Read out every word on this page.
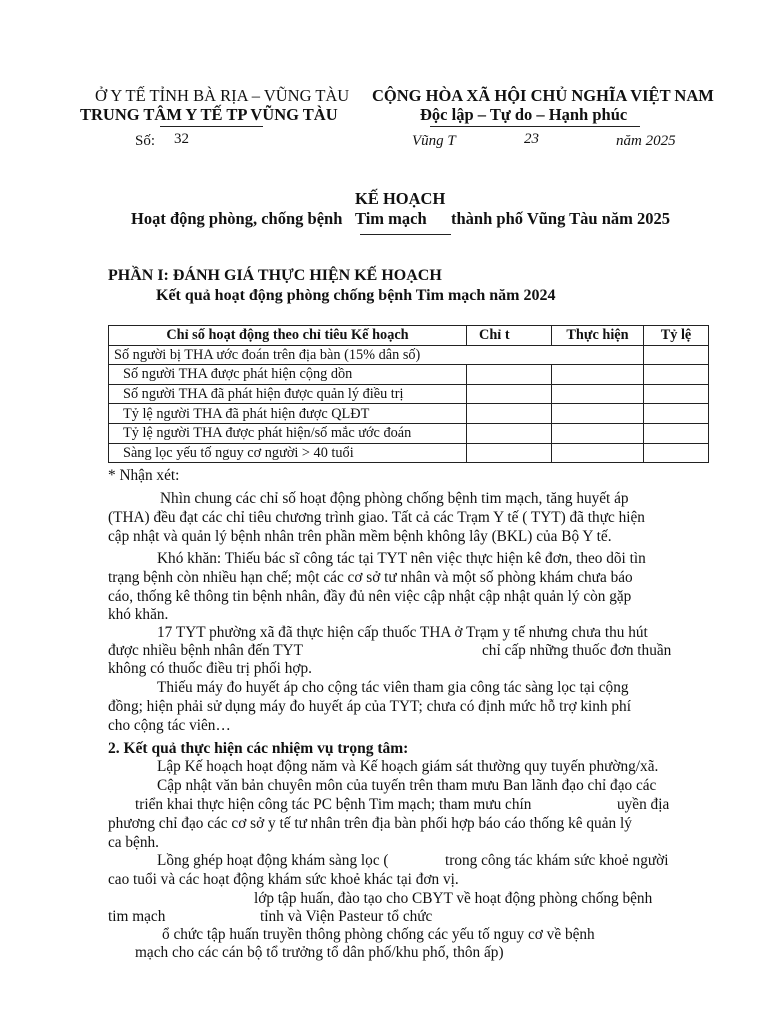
Ở Y TẾ TỈNH BÀ RỊA – VŨNG TÀU
TRUNG TÂM Y TẾ TP VŨNG TÀU
Số: 32
CỘNG HÒA XÃ HỘI CHỦ NGHĨA VIỆT NAM
Độc lập – Tự do – Hạnh phúc
Vũng T	23	năm 2025
KẾ HOẠCH
Hoạt động phòng, chống bệnh Tim mạch thành phố Vũng Tàu năm 2025
PHẦN I: ĐÁNH GIÁ THỰC HIỆN KẾ HOẠCH
Kết quả hoạt động phòng chống bệnh Tim mạch năm 2024
Chỉ số hoạt động theo chỉ tiêu Kế hoạch	Chỉ t	Thực hiện	Tỷ lệ
Số người bị THA ước đoán trên địa bàn (15% dân số)			
Số người THA được phát hiện cộng dồn			
Số người THA đã phát hiện được quản lý điều trị			
Tỷ lệ người THA đã phát hiện được QLĐT			
Tỷ lệ người THA được phát hiện/số mắc ước đoán			
Sàng lọc yếu tố nguy cơ người > 40 tuổi			
* Nhận xét:
Nhìn chung các chỉ số hoạt động phòng chống bệnh tim mạch, tăng huyết áp
(THA) đều đạt các chỉ tiêu chương trình giao. Tất cả các Trạm Y tế ( TYT) đã thực hiện
cập nhật và quản lý bệnh nhân trên phần mềm bệnh không lây (BKL) của Bộ Y tế.
Khó khăn: Thiếu bác sĩ công tác tại TYT nên việc thực hiện kê đơn, theo dõi tìn
trạng bệnh còn nhiều hạn chế; một các cơ sở tư nhân và một số phòng khám chưa báo
cáo, thống kê thông tin bệnh nhân, đầy đủ nên việc cập nhật cập nhật quản lý còn gặp
khó khăn.
17 TYT phường xã đã thực hiện cấp thuốc THA ở Trạm y tế nhưng chưa thu hút
được nhiều bệnh nhân đến TYT	chỉ cấp những thuốc đơn thuần
không có thuốc điều trị phối hợp.
Thiếu máy đo huyết áp cho cộng tác viên tham gia công tác sàng lọc tại cộng
đồng; hiện phải sử dụng máy đo huyết áp của TYT; chưa có định mức hỗ trợ kinh phí
cho cộng tác viên…
2. Kết quả thực hiện các nhiệm vụ trọng tâm:
Lập Kế hoạch hoạt động năm và Kế hoạch giám sát thường quy tuyến phường/xã.
Cập nhật văn bản chuyên môn của tuyến trên tham mưu Ban lãnh đạo chỉ đạo các
triển khai thực hiện công tác PC bệnh Tim mạch; tham mưu chín	uyền địa
phương chỉ đạo các cơ sở y tế tư nhân trên địa bàn phối hợp báo cáo thống kê quản lý
ca bệnh.
Lồng ghép hoạt động khám sàng lọc (	trong công tác khám sức khoẻ người
cao tuổi và các hoạt động khám sức khoẻ khác tại đơn vị.
lớp tập huấn, đào tạo cho CBYT về hoạt động phòng chống bệnh
tim mạch	tỉnh và Viện Pasteur tổ chức
ổ chức tập huấn truyền thông phòng chống các yếu tố nguy cơ về bệnh
mạch cho các cán bộ tổ trưởng tổ dân phố/khu phố, thôn ấp)
